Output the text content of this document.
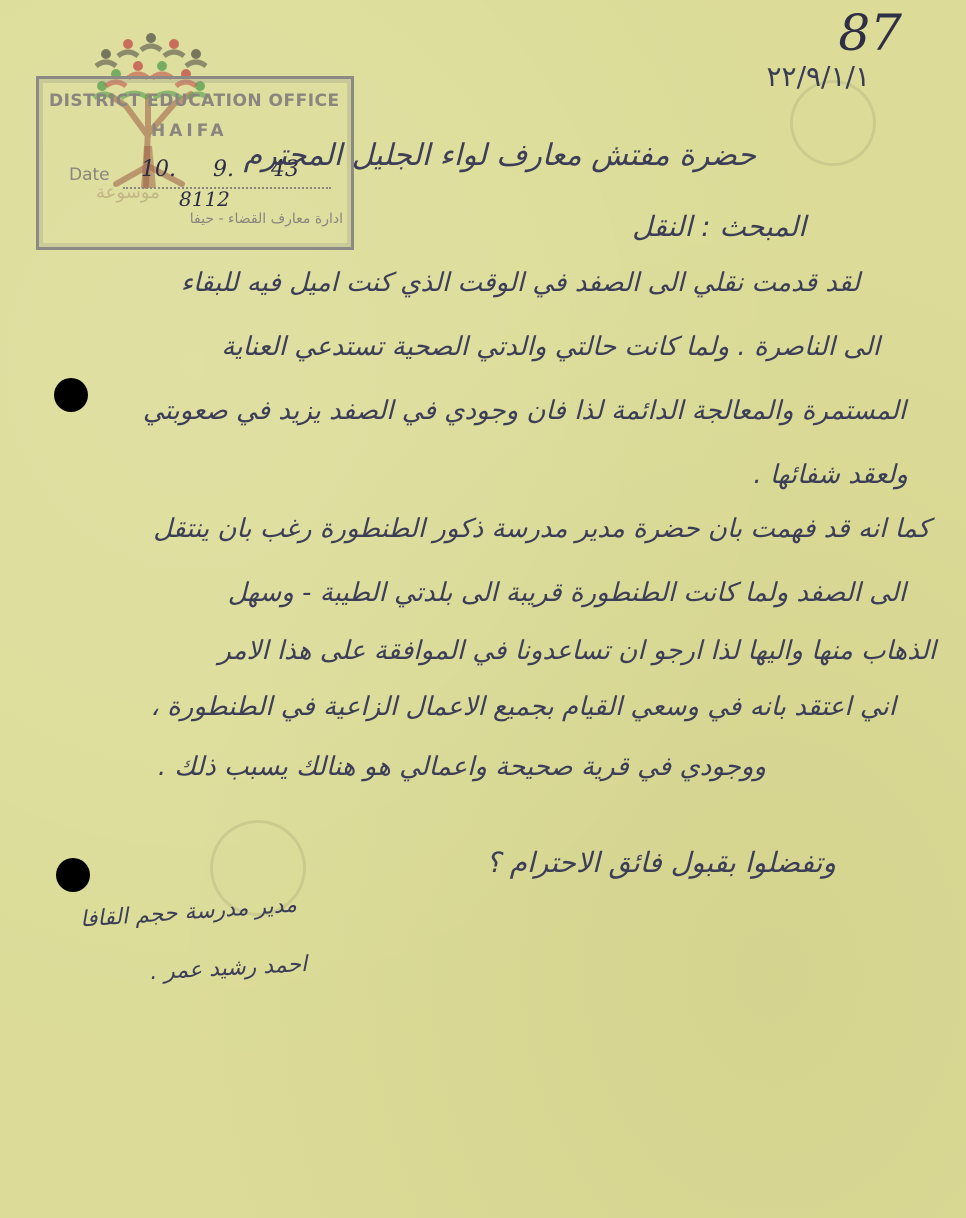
موسوعة
87
٢٢/٩/١/١
DISTRICT EDUCATION OFFICE
HAIFA
Date 10. 9. 43
8112
ادارة معارف القضاء - حيفا
حضرة مفتش معارف لواء الجليل المحترم
المبحث : النقل
لقد قدمت نقلي الى الصفد في الوقت الذي كنت اميل فيه للبقاء
الى الناصرة . ولما كانت حالتي والدتي الصحية تستدعي العناية
المستمرة والمعالجة الدائمة لذا فان وجودي في الصفد يزيد في صعوبتي
ولعقد شفائها .
كما انه قد فهمت بان حضرة مدير مدرسة ذكور الطنطورة رغب بان ينتقل
الى الصفد ولما كانت الطنطورة قريبة الى بلدتي الطيبة - وسهل
الذهاب منها واليها لذا ارجو ان تساعدونا في الموافقة على هذا الامر
اني اعتقد بانه في وسعي القيام بجميع الاعمال الزاعية في الطنطورة ،
ووجودي في قرية صحيحة واعمالي هو هنالك يسبب ذلك .
وتفضلوا بقبول فائق الاحترام ؟
مدير مدرسة حجم القافا
احمد رشيد عمر .
